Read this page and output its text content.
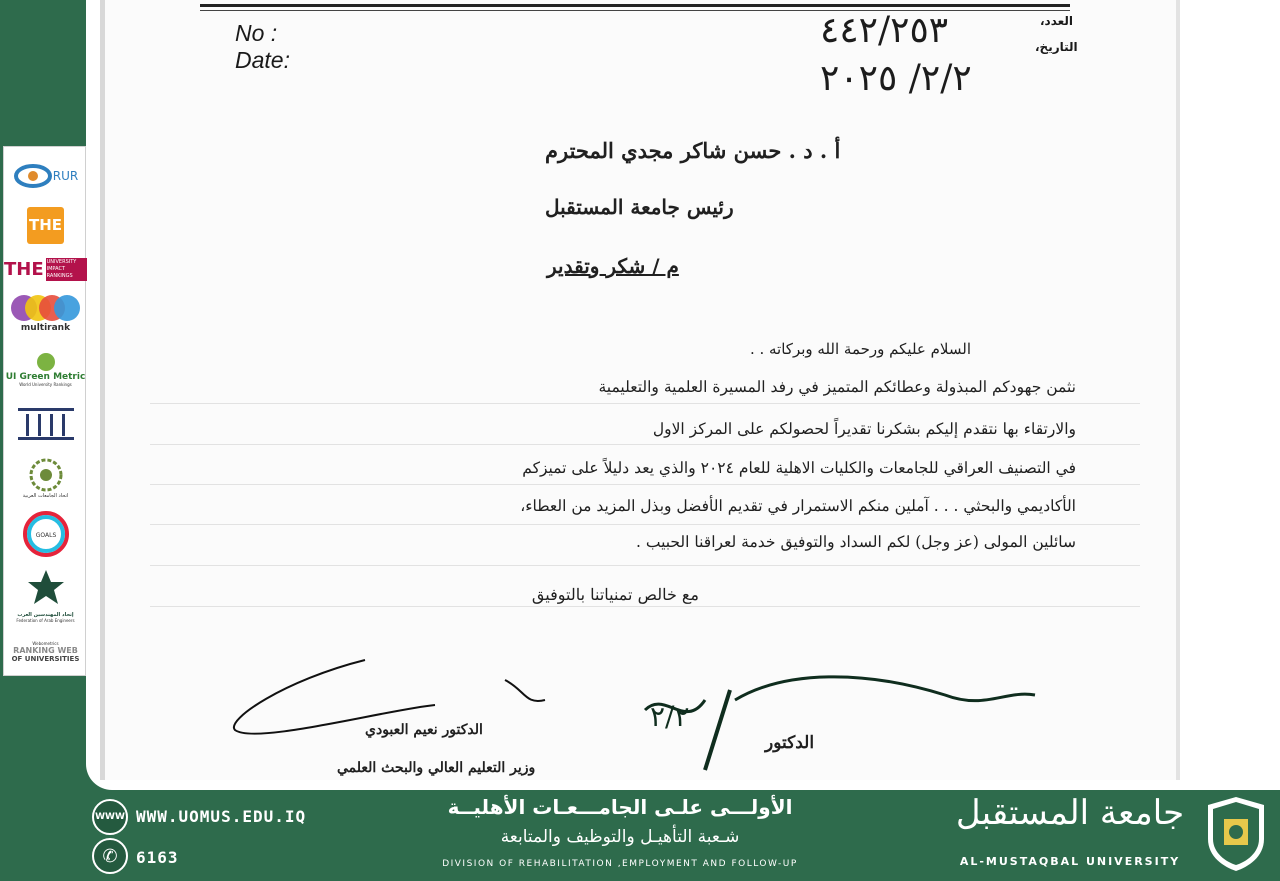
No :
Date:
العدد،
التاريخ،
٤٤٢/٢٥٣
٢/٢/ ٢٠٢٥
أ . د . حسن شاكر مجدي المحترم
رئيس جامعة المستقبل
م / شكر وتقدير
السلام عليكم ورحمة الله وبركاته . .
نثمن جهودكم المبذولة وعطائكم المتميز في رفد المسيرة العلمية والتعليمية
والارتقاء بها نتقدم إليكم بشكرنا تقديراً لحصولكم على المركز الاول
في التصنيف العراقي للجامعات والكليات الاهلية للعام ٢٠٢٤ والذي يعد دليلاً على تميزكم
الأكاديمي والبحثي . . . آملين منكم الاستمرار في تقديم الأفضل وبذل المزيد من العطاء،
سائلين المولى (عز وجل) لكم السداد والتوفيق خدمة لعراقنا الحبيب .
مع خالص تمنياتنا بالتوفيق
الدكتور نعيم العبودي
وزير التعليم العالي والبحث العلمي
الدكتور
٢/٢
RUR
THE
THE UNIVERSITY IMPACT RANKINGS
multirank
UI Green Metric
World University Rankings
اتحاد الجامعات العربية
GOALS
إتحاد المهندسين العرب
Federation of Arab Engineers
Webometrics
RANKING WEB
OF UNIVERSITIES
WWW WWW.UOMUS.EDU.IQ
✆	6163
الأولـــى علـى الجامـــعـات الأهليــة
شـعبة التأهيـل والتوظيف والمتابعة
DIVISION OF REHABILITATION ,EMPLOYMENT AND FOLLOW-UP
جامعة المستقبل
AL-MUSTAQBAL UNIVERSITY
